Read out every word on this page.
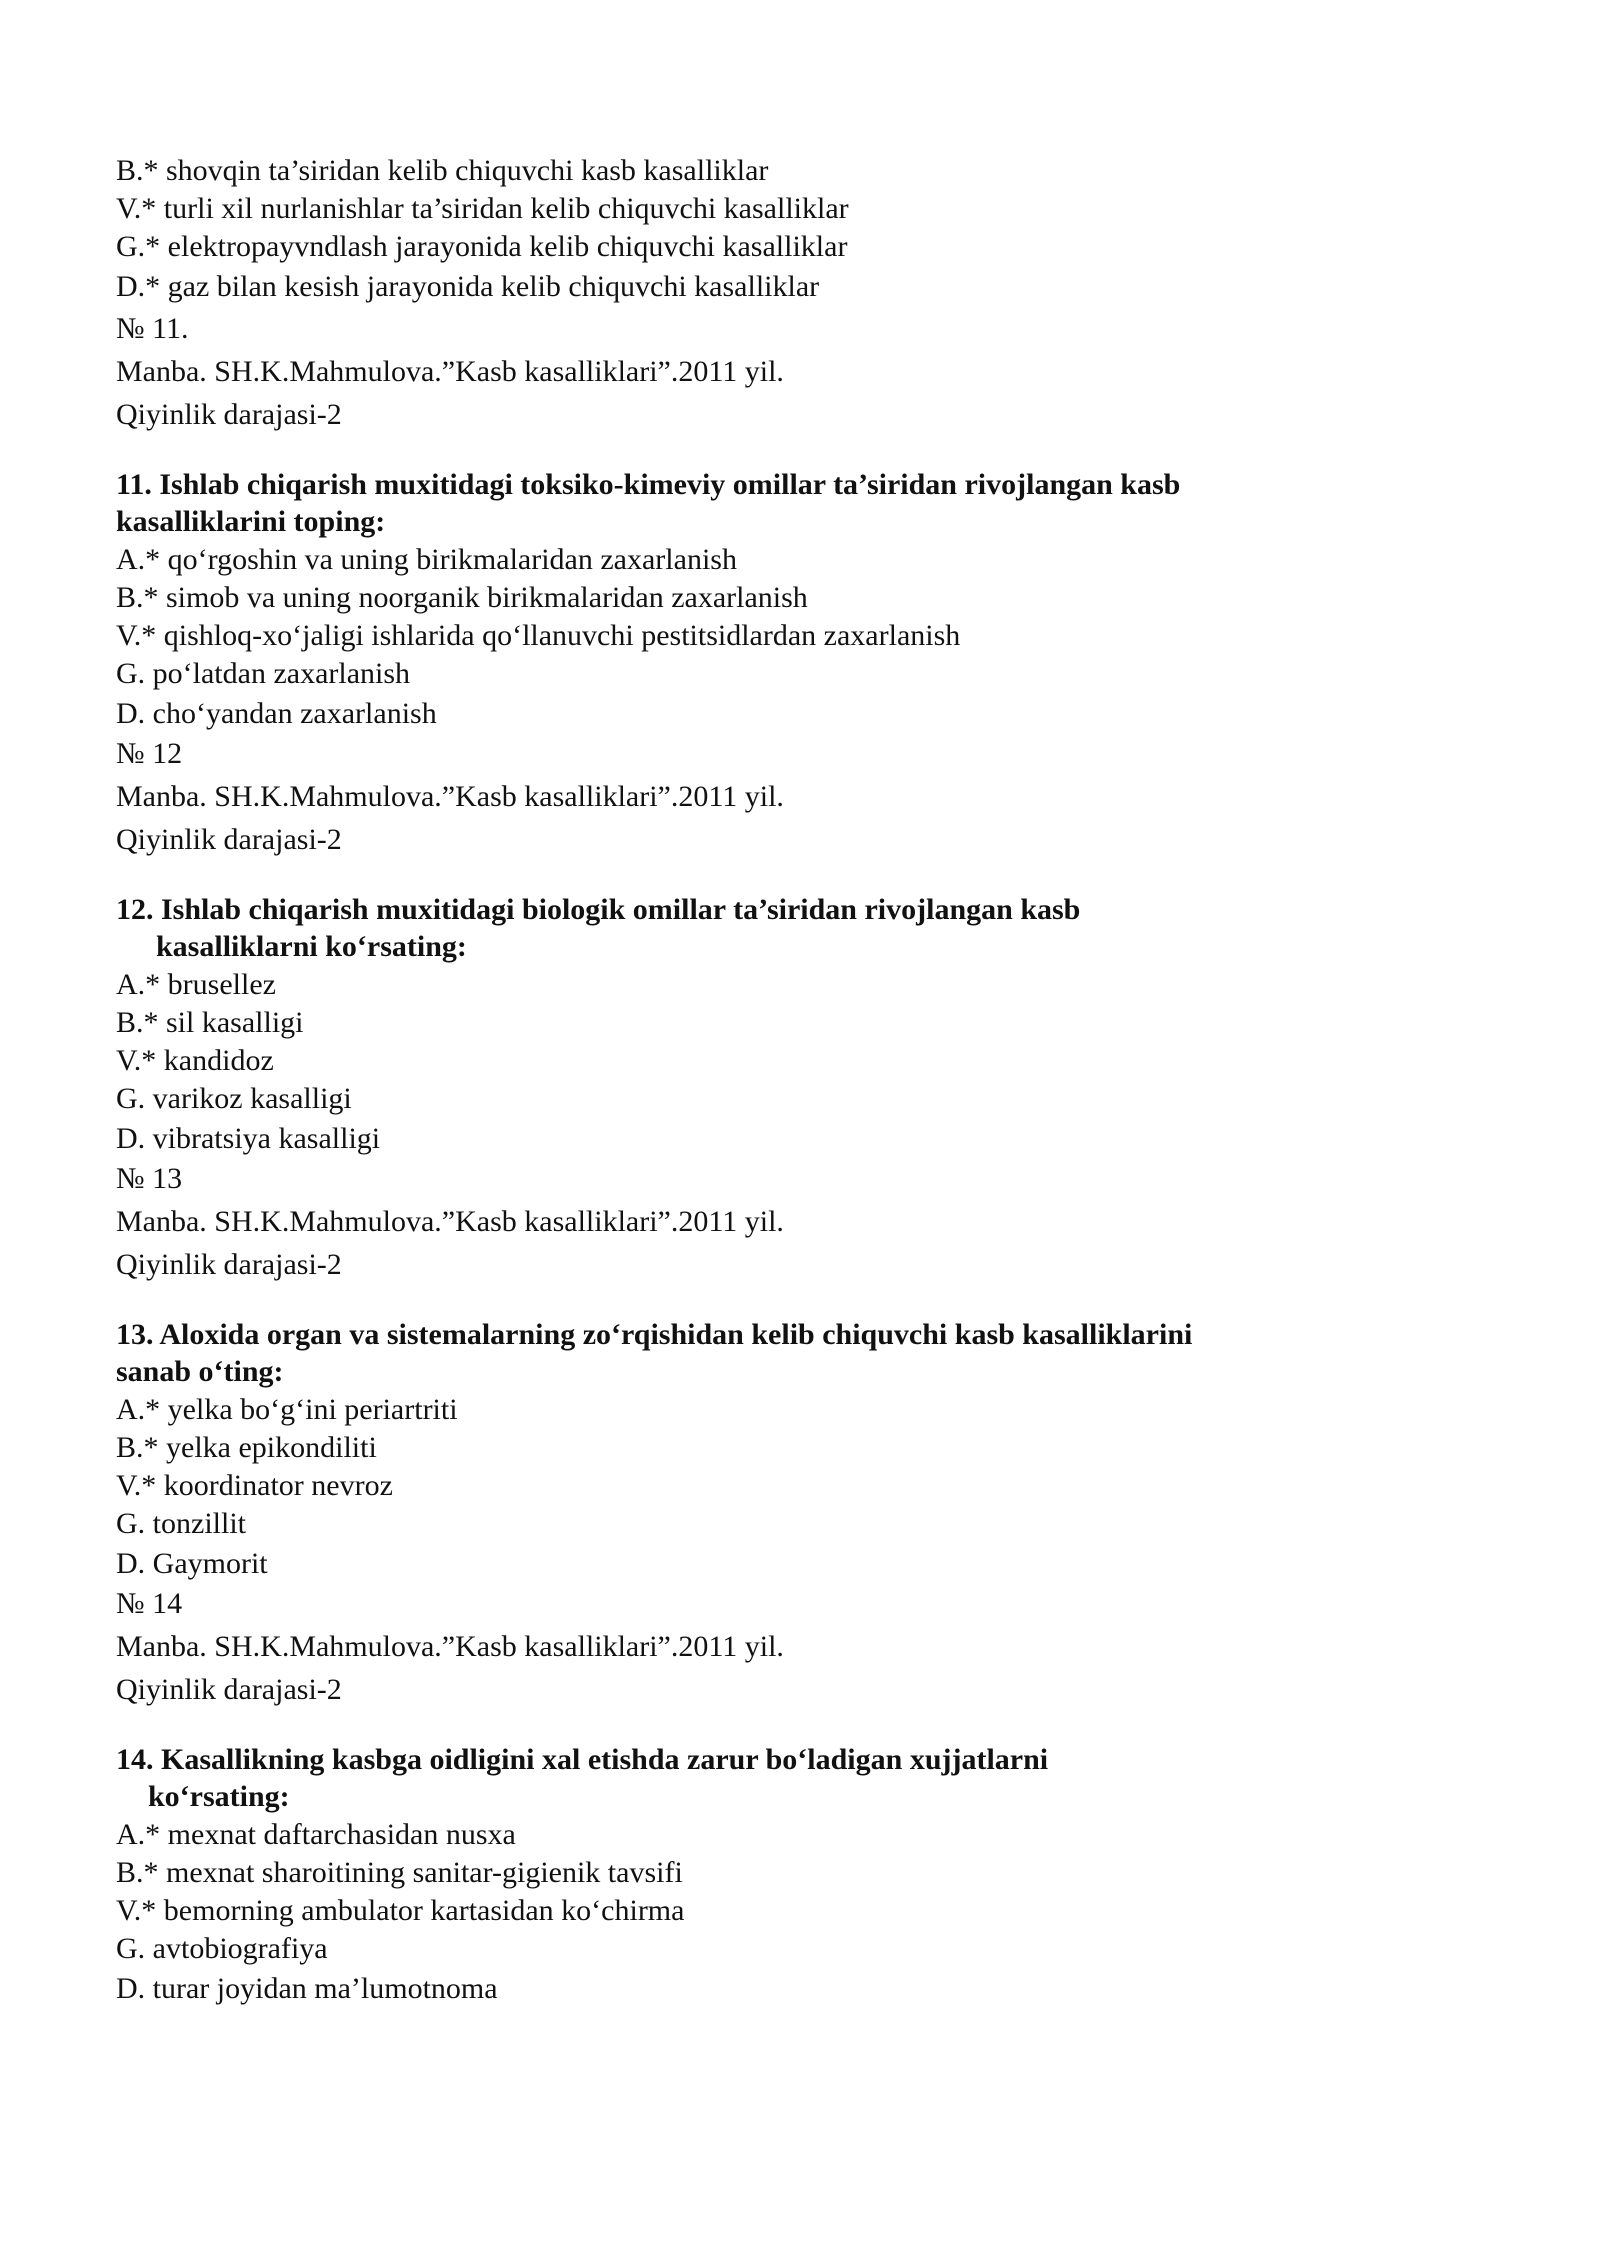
B.* shovqin ta’siridan kelib chiquvchi kasb kasalliklar
V.* turli xil nurlanishlar ta’siridan kelib chiquvchi kasalliklar
G.* elektropayvndlash jarayonida kelib chiquvchi kasalliklar
D.* gaz bilan kesish jarayonida kelib chiquvchi kasalliklar
№ 11.
Manba. SH.K.Mahmulova.”Kasb kasalliklari”.2011 yil.
Qiyinlik darajasi-2
11. Ishlab chiqarish muxitidagi toksiko-kimeviy omillar ta’siridan rivojlangan kasb
kasalliklarini toping:
A.* qo‘rgoshin va uning birikmalaridan zaxarlanish
B.* simob va uning noorganik birikmalaridan zaxarlanish
V.* qishloq-xo‘jaligi ishlarida qo‘llanuvchi pestitsidlardan zaxarlanish
G. po‘latdan zaxarlanish
D. cho‘yandan zaxarlanish
№ 12
Manba. SH.K.Mahmulova.”Kasb kasalliklari”.2011 yil.
Qiyinlik darajasi-2
12. Ishlab chiqarish muxitidagi biologik omillar ta’siridan rivojlangan kasb
kasalliklarni ko‘rsating:
A.* brusellez
B.* sil kasalligi
V.* kandidoz
G. varikoz kasalligi
D. vibratsiya kasalligi
№ 13
Manba. SH.K.Mahmulova.”Kasb kasalliklari”.2011 yil.
Qiyinlik darajasi-2
13. Aloxida organ va sistemalarning zo‘rqishidan kelib chiquvchi kasb kasalliklarini
sanab o‘ting:
A.* yelka bo‘g‘ini periartriti
B.* yelka epikondiliti
V.* koordinator nevroz
G. tonzillit
D. Gaymorit
№ 14
Manba. SH.K.Mahmulova.”Kasb kasalliklari”.2011 yil.
Qiyinlik darajasi-2
14. Kasallikning kasbga oidligini xal etishda zarur bo‘ladigan xujjatlarni
ko‘rsating:
A.* mexnat daftarchasidan nusxa
B.* mexnat sharoitining sanitar-gigienik tavsifi
V.* bemorning ambulator kartasidan ko‘chirma
G. avtobiografiya
D. turar joyidan ma’lumotnoma
